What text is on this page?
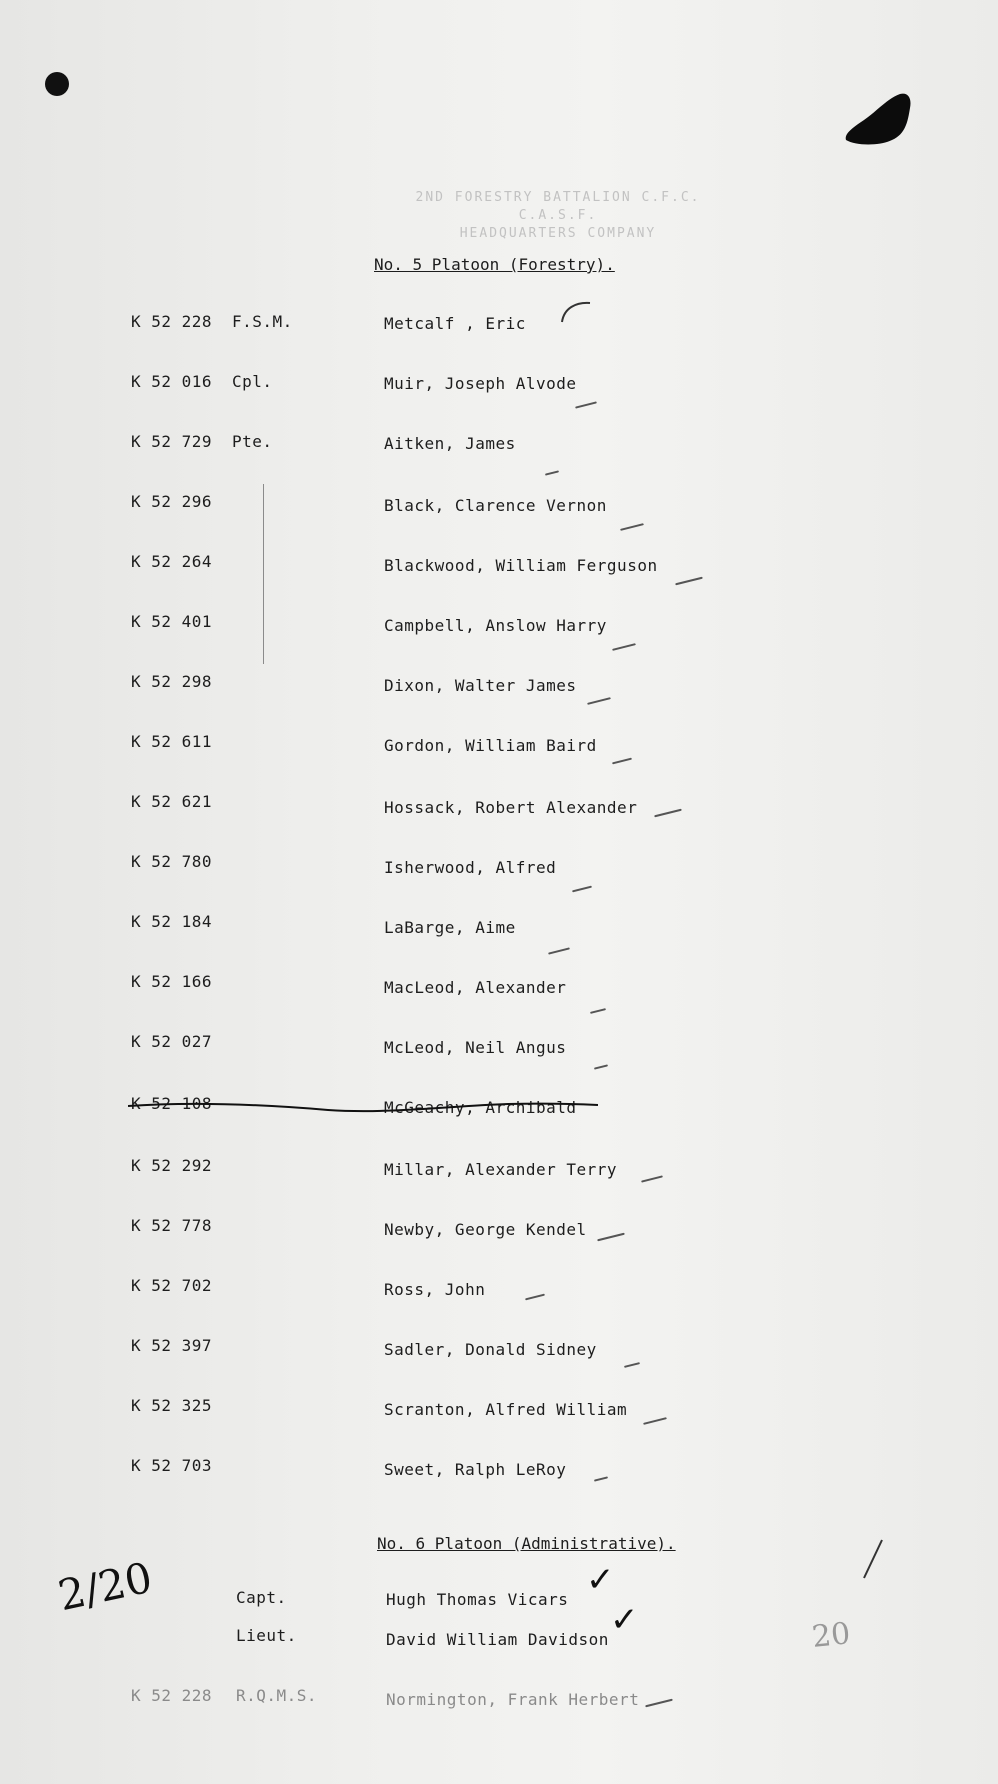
2ND FORESTRY BATTALION C.F.C.
C.A.S.F.
HEADQUARTERS COMPANY
No. 5 Platoon (Forestry).
K 52 228 F.S.M.	Metcalf , Eric
K 52 016 Cpl.	Muir, Joseph Alvode
K 52 729 Pte.	Aitken, James
K 52 296	Black, Clarence Vernon
K 52 264	Blackwood, William Ferguson
K 52 401	Campbell, Anslow Harry
K 52 298	Dixon, Walter James
K 52 611	Gordon, William Baird
K 52 621	Hossack, Robert Alexander
K 52 780	Isherwood, Alfred
K 52 184	LaBarge, Aime
K 52 166	MacLeod, Alexander
K 52 027	McLeod, Neil Angus
K 52 108	McGeachy, Archibald
K 52 292	Millar, Alexander Terry
K 52 778	Newby, George Kendel
K 52 702	Ross, John
K 52 397	Sadler, Donald Sidney
K 52 325	Scranton, Alfred William
K 52 703	Sweet, Ralph LeRoy
No. 6 Platoon (Administrative).
Capt.	Hugh Thomas Vicars
Lieut.	David William Davidson
K 52 228 R.Q.M.S.	Normington, Frank Herbert
✓
✓
2/20
20
